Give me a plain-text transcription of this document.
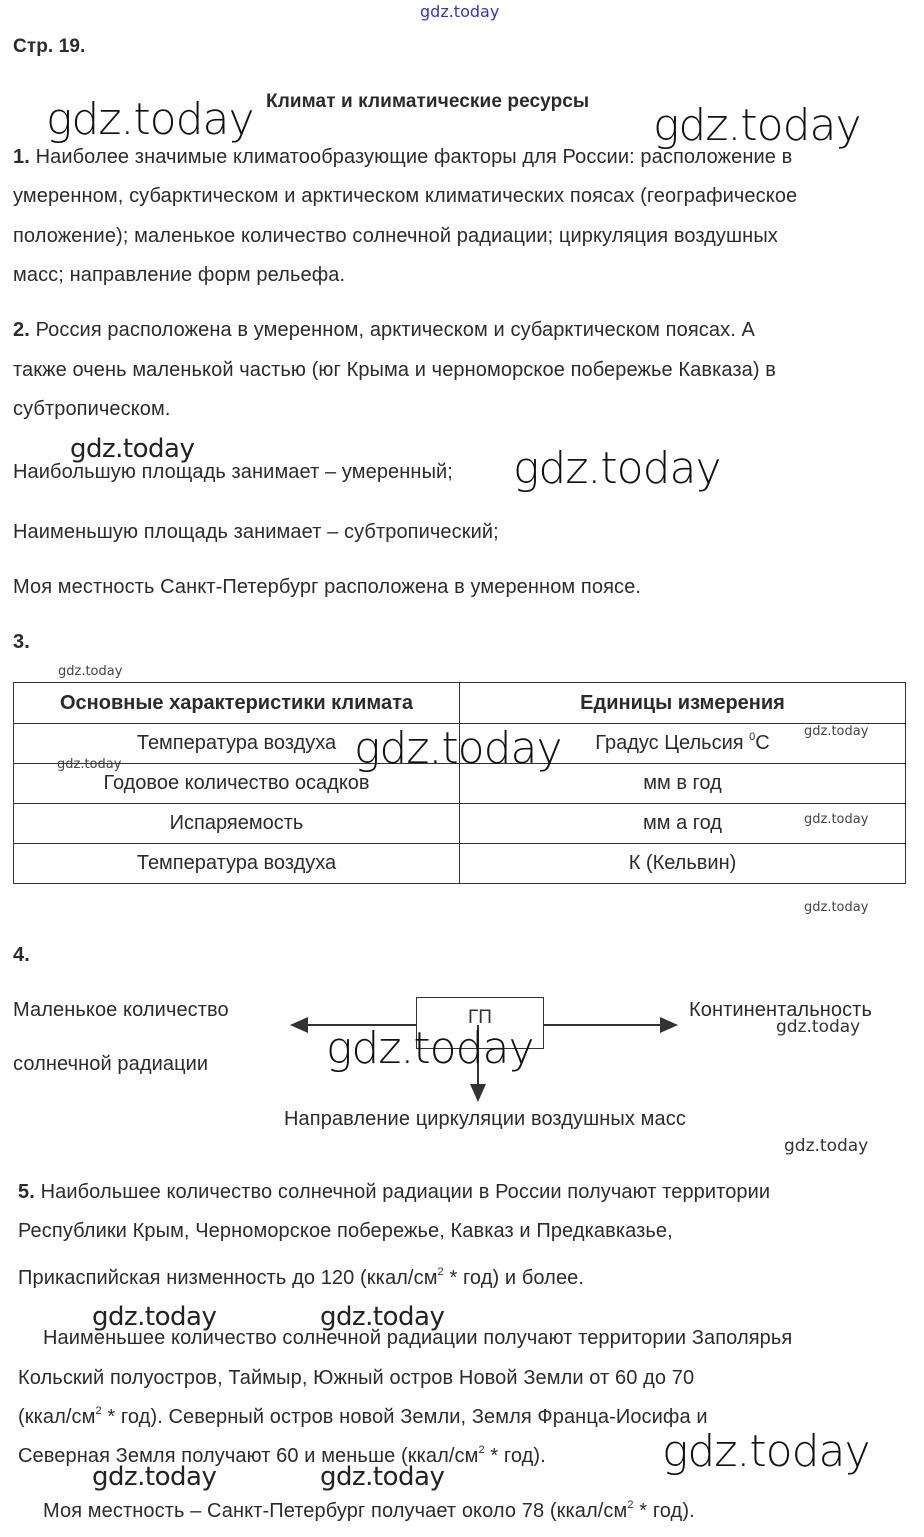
gdz.today
gdz.today	gdz.today
gdz.today	gdz.today
gdz.today
gdz.today
gdz.today
gdz.today
gdz.today
gdz.today
gdz.today
gdz.today	gdz.today
gdz.today	gdz.today	gdz.today
Стр. 19.
Климат и климатические ресурсы
1. Наиболее значимые климатообразующие факторы для России: расположение в
умеренном, субарктическом и арктическом климатических поясах (географическое
положение); маленькое количество солнечной радиации; циркуляция воздушных
масс; направление форм рельефа.
2. Россия расположена в умеренном, арктическом и субарктическом поясах. А
также очень маленькой частью (юг Крыма и черноморское побережье Кавказа) в
субтропическом.
Наибольшую площадь занимает – умеренный;
Наименьшую площадь занимает – субтропический;
Моя местность Санкт-Петербург расположена в умеренном поясе.
3.
Основные характеристики климата	Единицы измерения
Температура воздуха	Градус Цельсия $^0$C
Годовое количество осадков	мм в год
Испаряемость	мм а год
Температура воздуха	К (Кельвин)
gdz.today
4.
Маленькое количество
солнечной радиации
Континентальность
Направление циркуляции воздушных масс
ГП
gdz.today
5. Наибольшее количество солнечной радиации в России получают территории
Республики Крым, Черноморское побережье, Кавказ и Предкавказье,
Прикаспийская низменность до 120 $(ккал/см^2 * год)$ и более.
Наименьшее количество солнечной радиации получают территории Заполярья
Кольский полуостров, Таймыр, Южный остров Новой Земли от 60 до 70
$(ккал/см^2 * год)$. Северный остров новой Земли, Земля Франца-Иосифа и
Северная Земля получают 60 и меньше $(ккал/см^2 * год)$.
Моя местность – Санкт-Петербург получает около 78 $(ккал/см^2 * год)$.
